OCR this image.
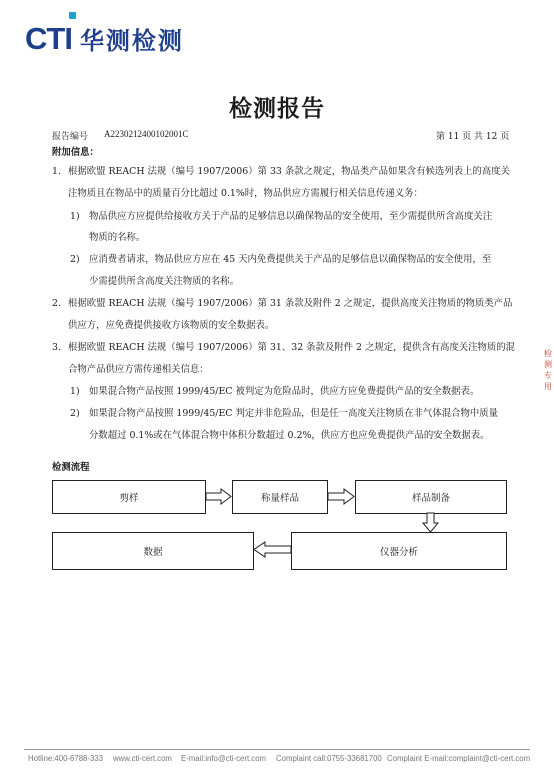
CTI 华测检测
检测报告
报告编号 A2230212400102001C	第 11 页 共 12 页
附加信息：
1. 根据欧盟 REACH 法规（编号 1907/2006）第 33 条款之规定，物品类产品如果含有候选列表上的高度关
注物质且在物品中的质量百分比超过 0.1%时，物品供应方需履行相关信息传递义务：
1) 物品供应方应提供给接收方关于产品的足够信息以确保物品的安全使用，至少需提供所含高度关注
物质的名称。
2) 应消费者请求，物品供应方应在 45 天内免费提供关于产品的足够信息以确保物品的安全使用，至
少需提供所含高度关注物质的名称。
2. 根据欧盟 REACH 法规（编号 1907/2006）第 31 条款及附件 2 之规定，提供高度关注物质的物质类产品
供应方，应免费提供接收方该物质的安全数据表。
3. 根据欧盟 REACH 法规（编号 1907/2006）第 31、32 条款及附件 2 之规定，提供含有高度关注物质的混
合物产品供应方需传递相关信息：
1) 如果混合物产品按照 1999/45/EC 被判定为危险品时，供应方应免费提供产品的安全数据表。
2) 如果混合物产品按照 1999/45/EC 判定并非危险品，但是任一高度关注物质在非气体混合物中质量
分数超过 0.1%或在气体混合物中体积分数超过 0.2%，供应方也应免费提供产品的安全数据表。
检测流程
剪样	称量样品	样品制备
数据	仪器分析
检测专用
Hotline:400-6788-333 www.cti-cert.com E-mail:info@cti-cert.com Complaint call:0755-33681700 Complaint E-mail:complaint@cti-cert.com
